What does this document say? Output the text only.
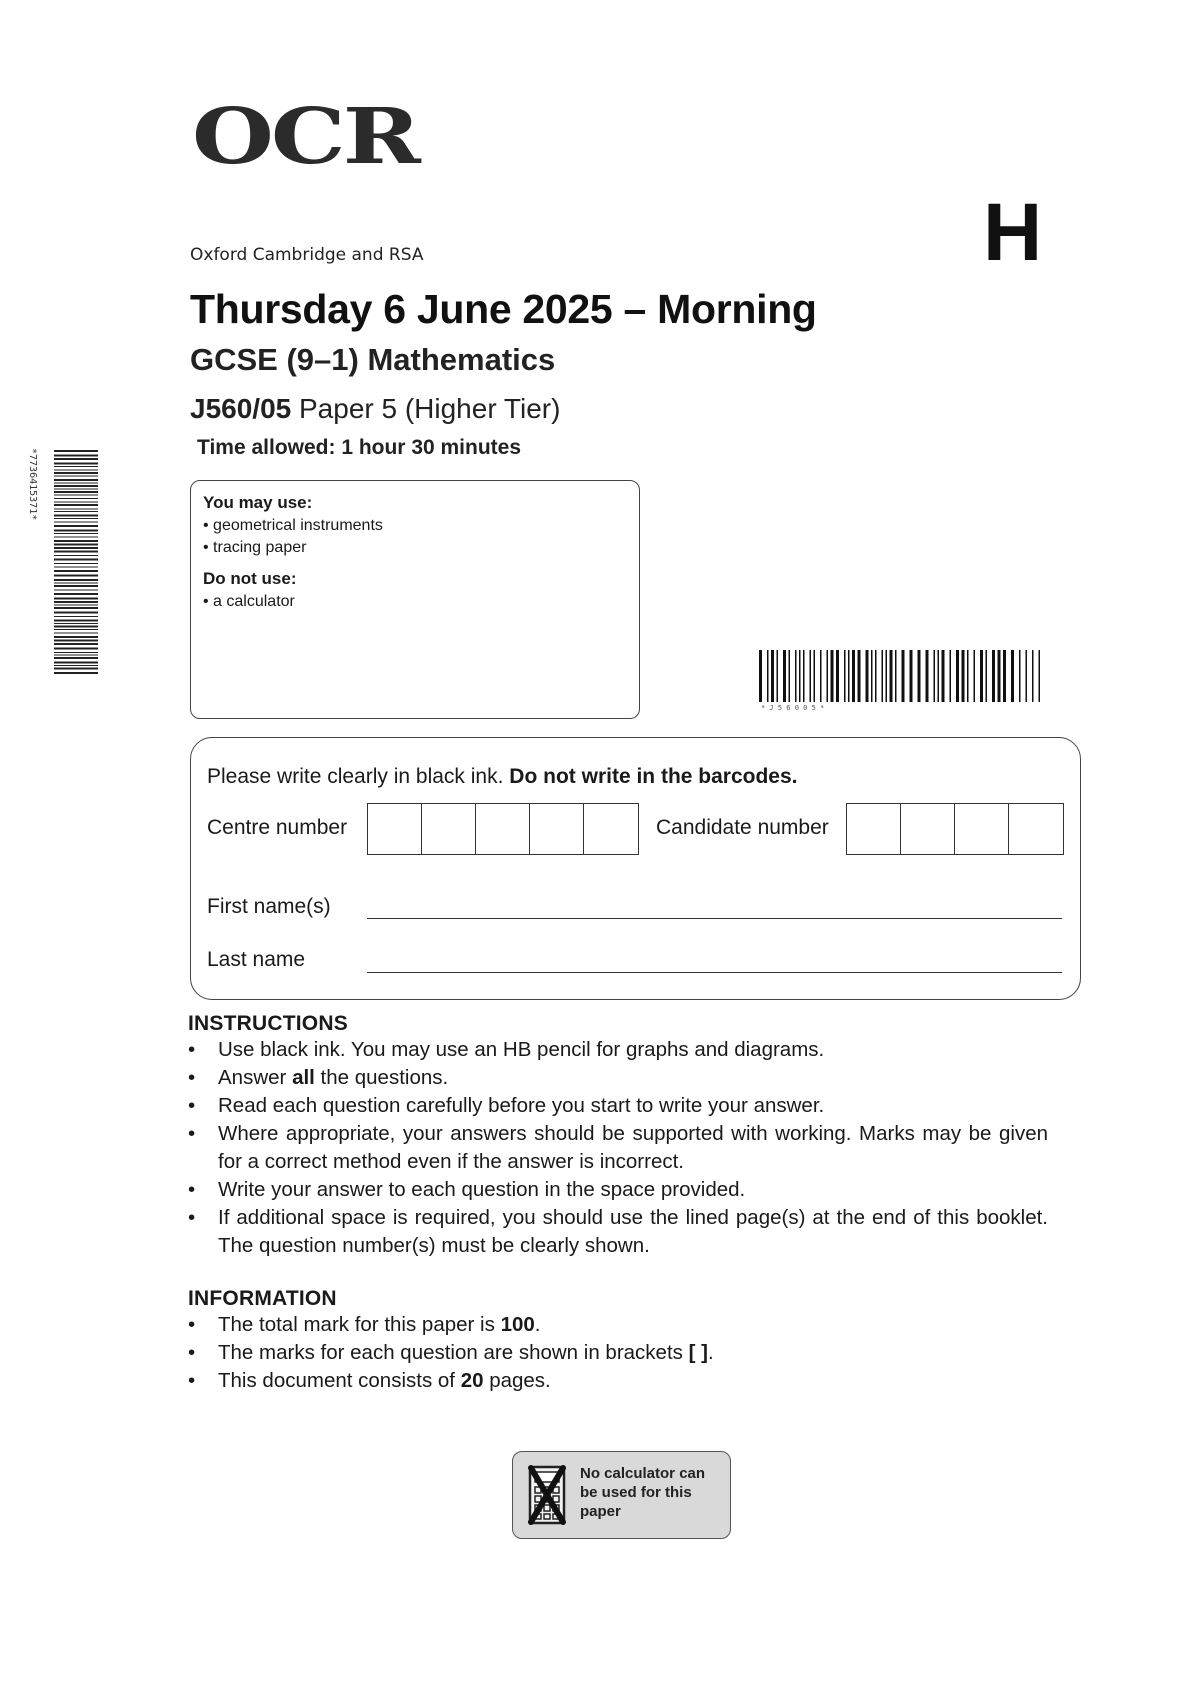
OCR
Oxford Cambridge and RSA	H
Thursday 6 June 2025 – Morning
GCSE (9–1) Mathematics
J560/05 Paper 5 (Higher Tier)
Time allowed: 1 hour 30 minutes
*7736415371*	You may use:
• geometrical instruments
• tracing paper
Do not use:
• a calculator
* J 5 6 0 0 5 *
Please write clearly in black ink. Do not write in the barcodes.
Centre number	Candidate number
First name(s)
Last name
INSTRUCTIONS
• Use black ink. You may use an HB pencil for graphs and diagrams.
• Answer all the questions.
• Read each question carefully before you start to write your answer.
• Where appropriate, your answers should be supported with working. Marks may be given for a correct method even if the answer is incorrect.
• Write your answer to each question in the space provided.
• If additional space is required, you should use the lined page(s) at the end of this booklet. The question number(s) must be clearly shown.
INFORMATION
• The total mark for this paper is 100.
• The marks for each question are shown in brackets [ ].
• This document consists of 20 pages.
No calculator can
be used for this
paper
